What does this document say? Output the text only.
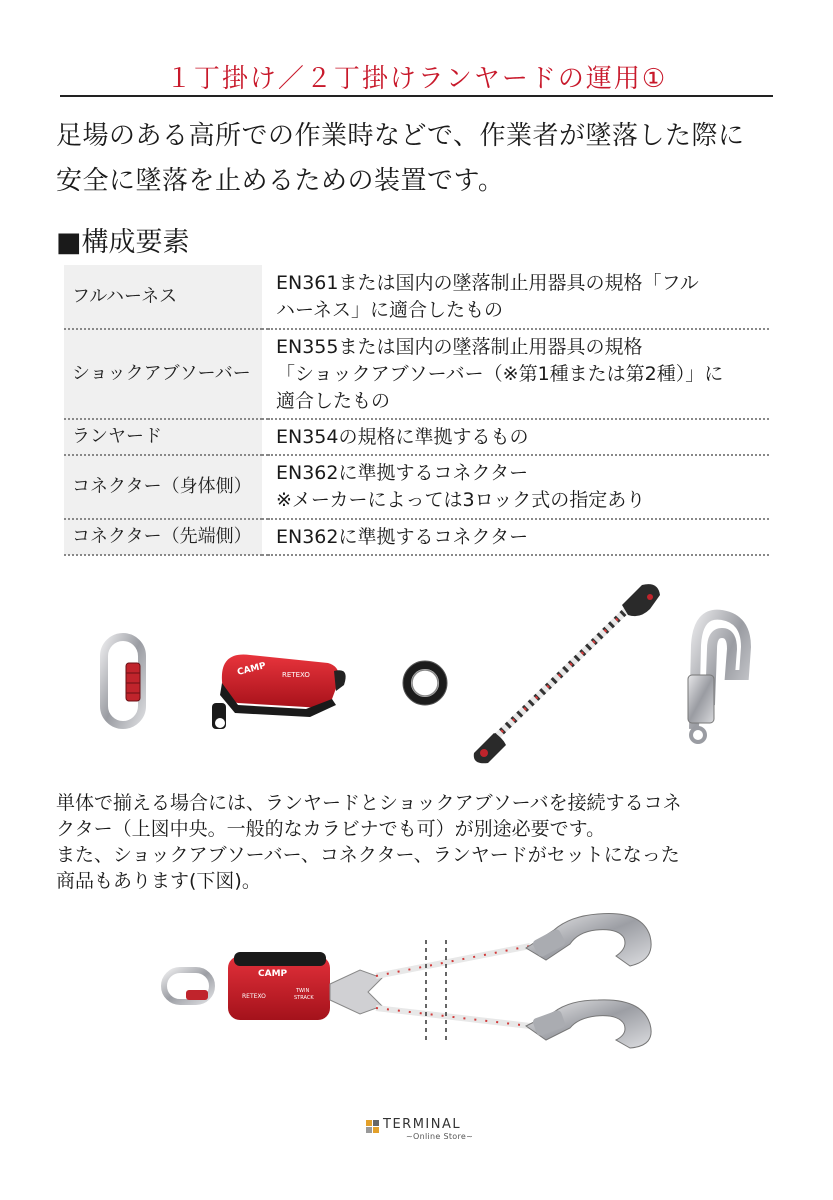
１丁掛け／２丁掛けランヤードの運用①
足場のある高所での作業時などで、作業者が墜落した際に
安全に墜落を止めるための装置です。
■構成要素
フルハーネス		EN361または国内の墜落制止用器具の規格「フル
ハーネス」に適合したもの

ショックアブソーバー		EN355または国内の墜落制止用器具の規格
「ショックアブソーバー（※第1種または第2種）」に
適合したもの

ランヤード		EN354の規格に準拠するもの

コネクター（身体側）		EN362に準拠するコネクター
※メーカーによっては3ロック式の指定あり

コネクター（先端側）		EN362に準拠するコネクター
CAMP RETEXO
単体で揃える場合には、ランヤードとショックアブソーバを接続するコネ
クター（上図中央。一般的なカラビナでも可）が別途必要です。
また、ショックアブソーバー、コネクター、ランヤードがセットになった
商品もあります(下図)。
CAMP
RETEXO
TWIN
STRACK
TERMINAL
~Online Store~
